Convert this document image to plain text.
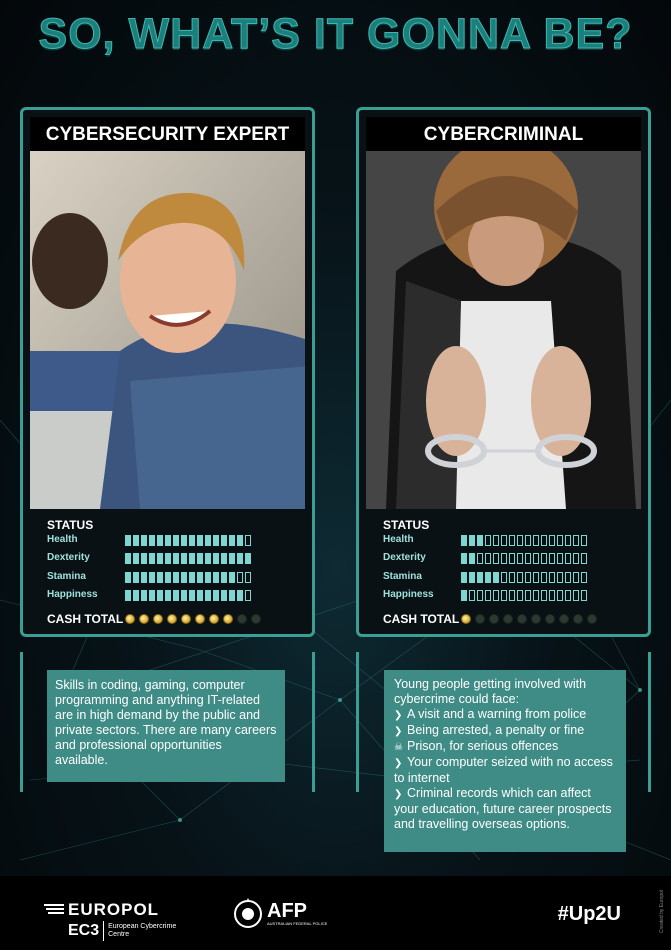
SO, WHAT’S IT GONNA BE?
CYBERSECURITY EXPERT
STATUS
Health
Dexterity
Stamina
Happiness
CASH TOTAL
CYBERCRIMINAL
STATUS
Health
Dexterity
Stamina
Happiness
CASH TOTAL
Skills in coding, gaming, computer programming and anything IT-related are in high demand by the public and private sectors. There are many careers and professional opportunities available.
Young people getting involved with cybercrime could face:
❯ A visit and a warning from police
❯ Being arrested, a penalty or fine
☠ Prison, for serious offences
❯ Your computer seized with no access to internet
❯ Criminal records which can affect your education, future career prospects and travelling overseas options.
EUROPOL
EC3 European Cybercrime
Centre
AFP
AUSTRALIAN FEDERAL POLICE	#Up2U	Created by Europol
